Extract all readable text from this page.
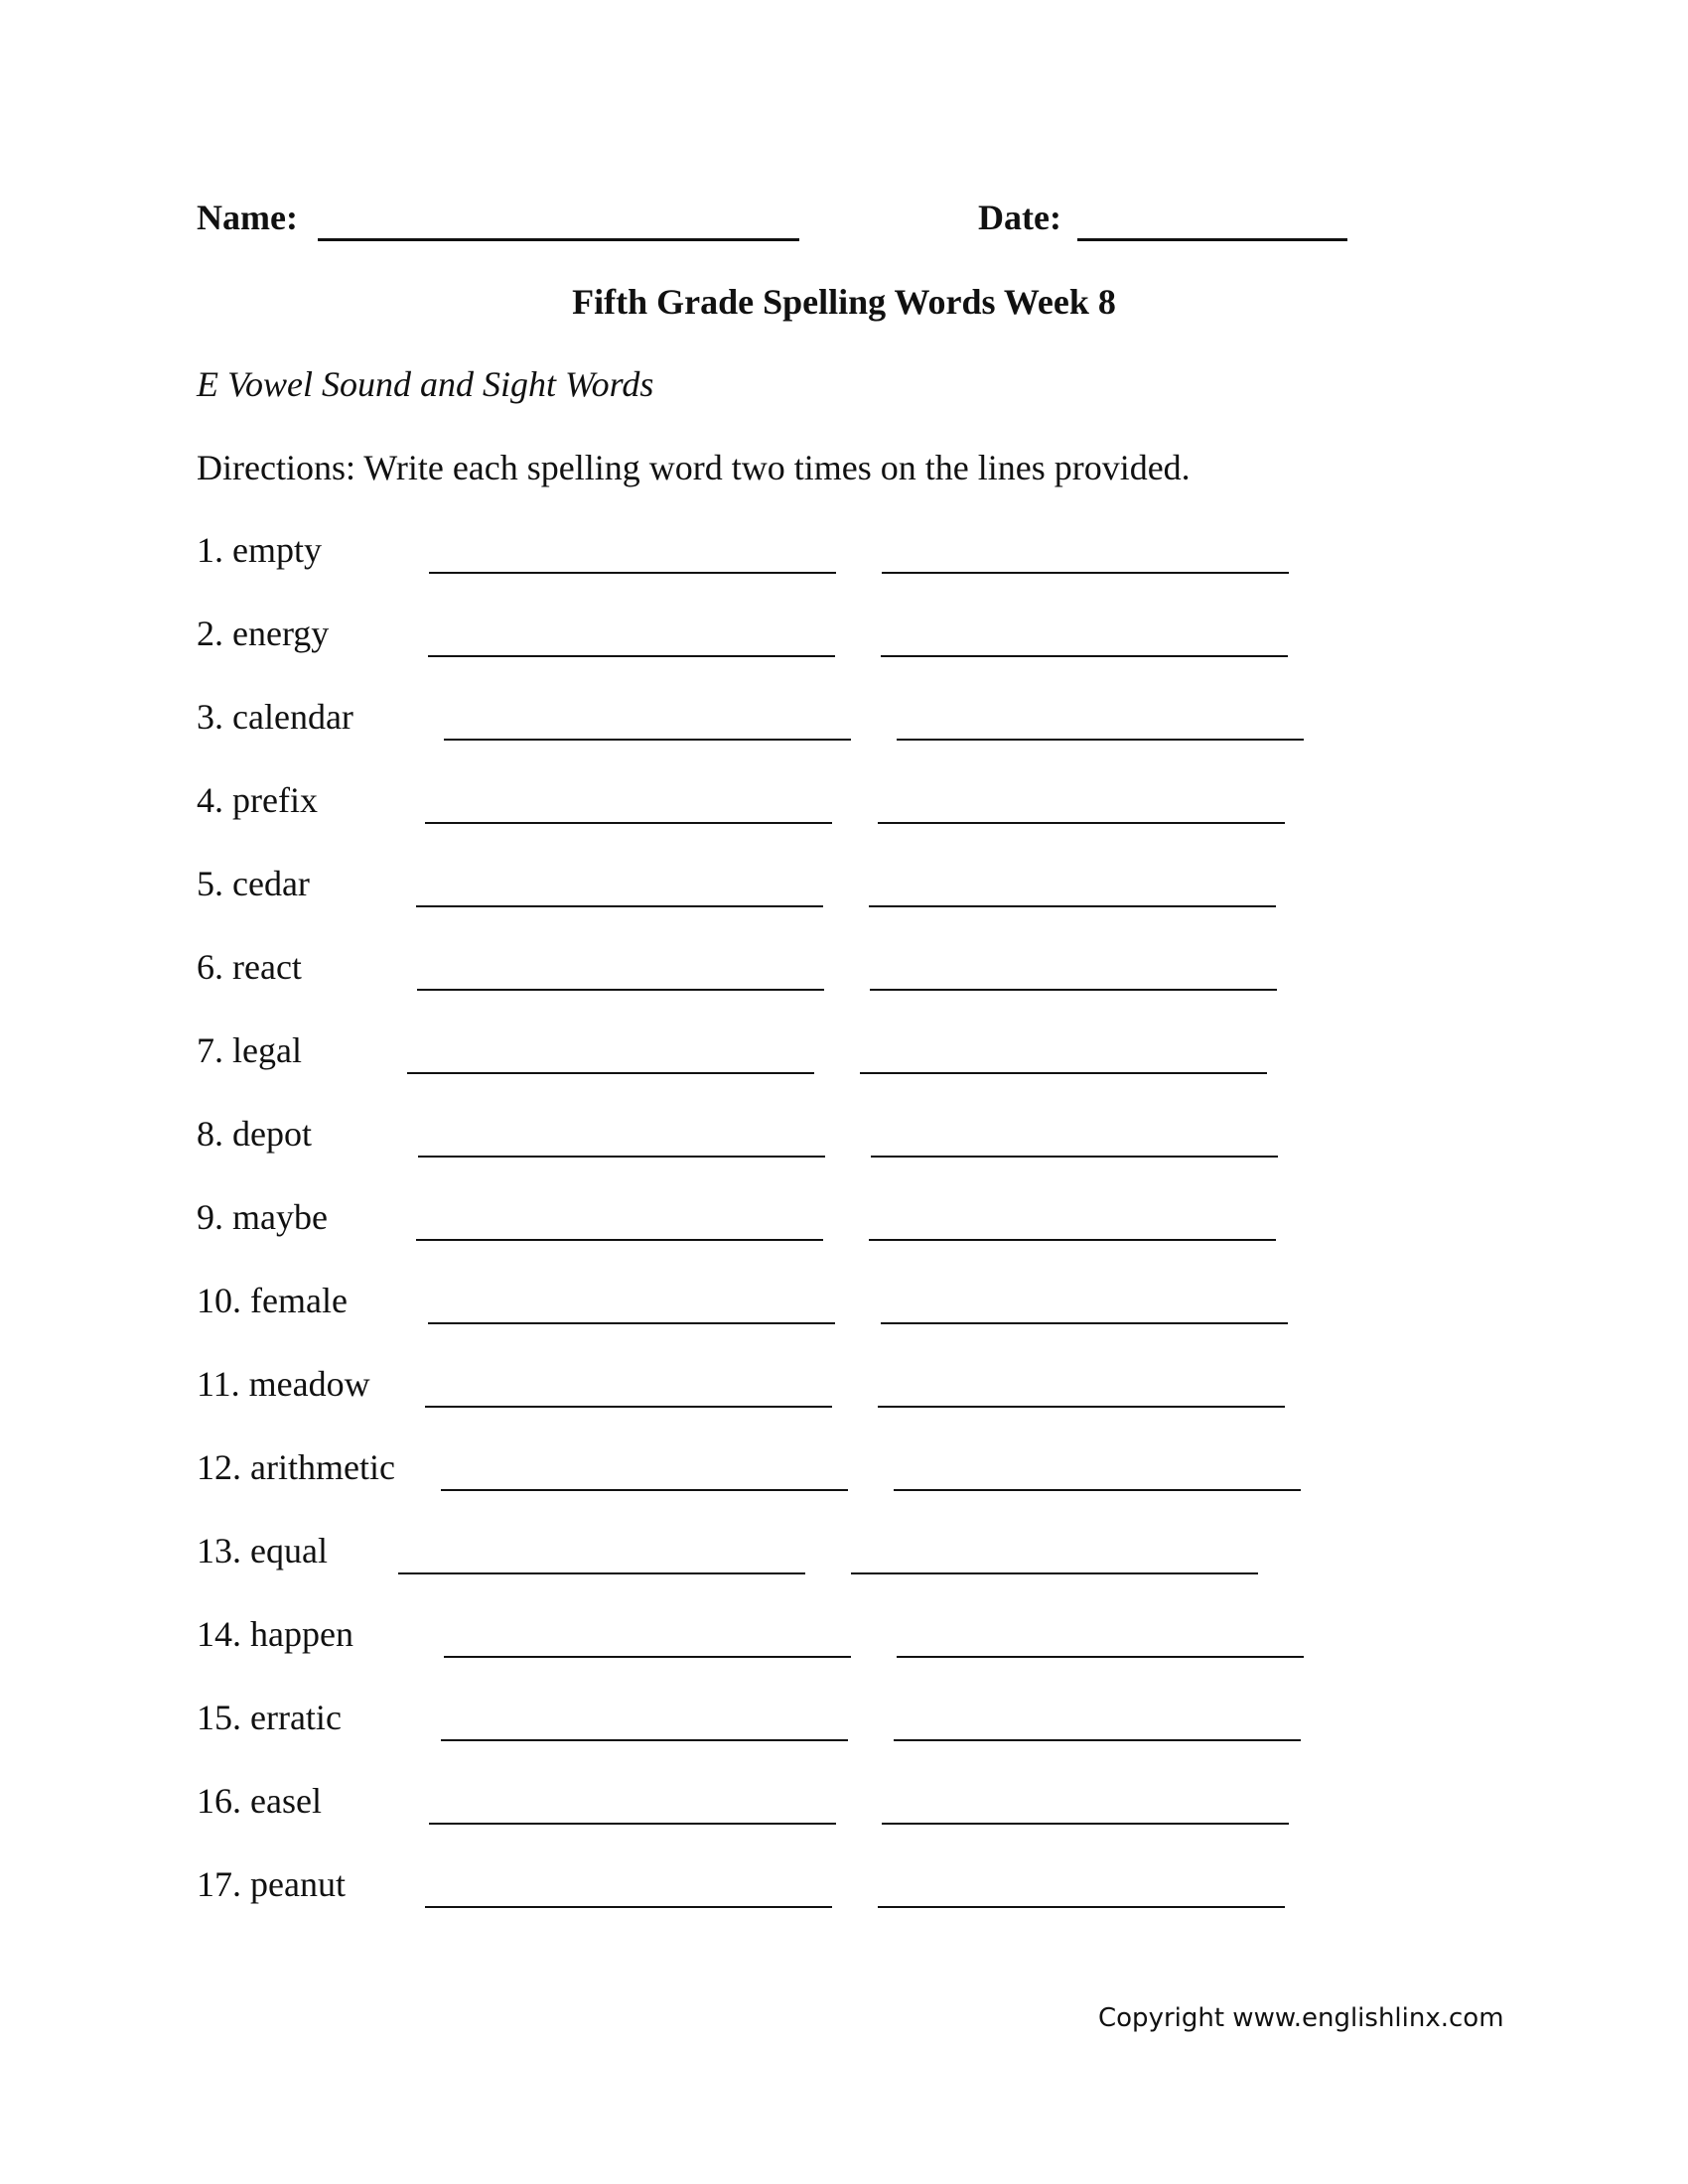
Name:	Date:
Fifth Grade Spelling Words Week 8
E Vowel Sound and Sight Words
Directions: Write each spelling word two times on the lines provided.
1. empty
2. energy
3. calendar
4. prefix
5. cedar
6. react
7. legal
8. depot
9. maybe
10. female
11. meadow
12. arithmetic
13. equal
14. happen
15. erratic
16. easel
17. peanut
Copyright www.englishlinx.com
